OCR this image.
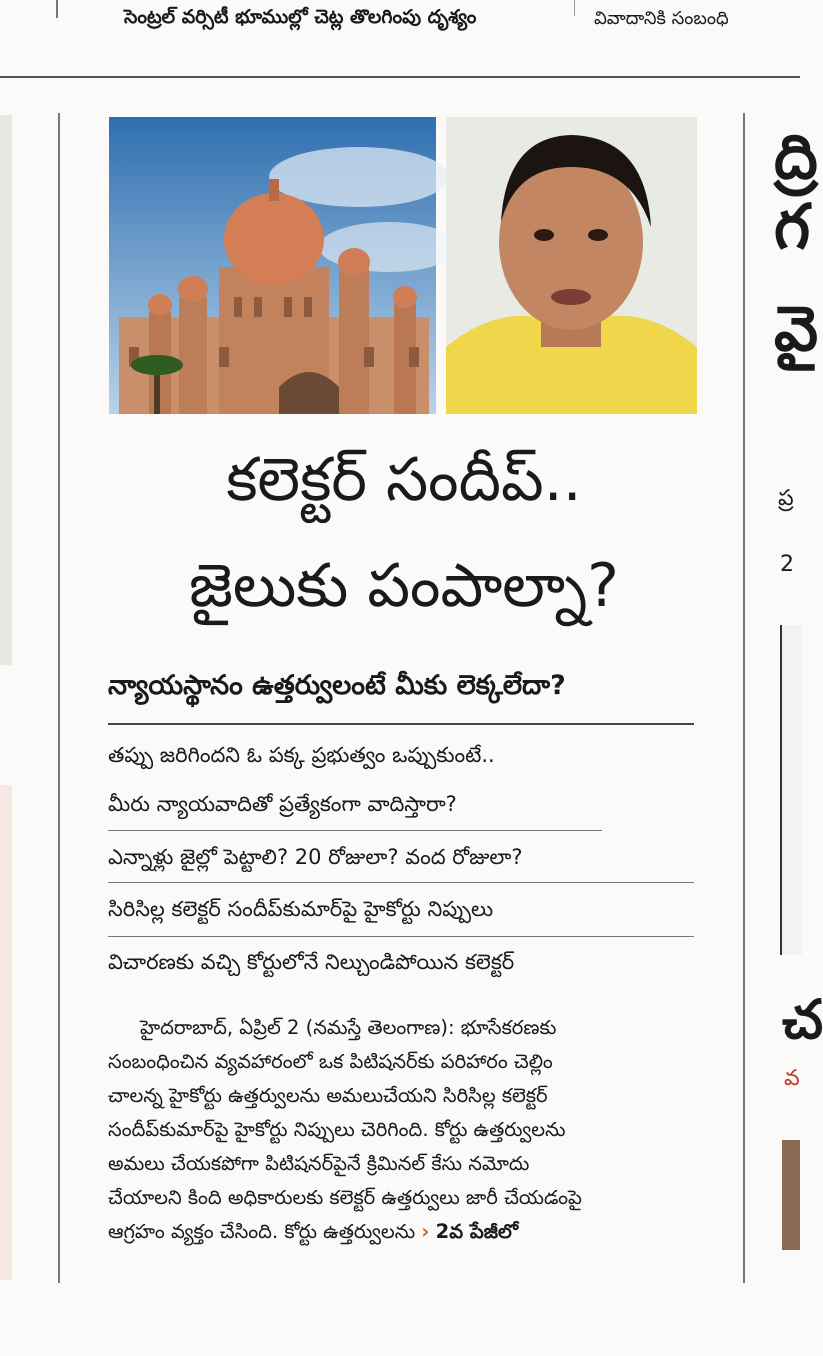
సెంట్రల్ వర్సిటీ భూముల్లో చెట్ల తొలగింపు దృశ్యం	వివాదానికి సంబంధి
కలెక్టర్ సందీప్..
జైలుకు పంపాల్నా?
న్యాయస్థానం ఉత్తర్వులంటే మీకు లెక్కలేదా?
తప్పు జరిగిందని ఓ పక్క ప్రభుత్వం ఒప్పుకుంటే..
మీరు న్యాయవాదితో ప్రత్యేకంగా వాదిస్తారా?
ఎన్నాళ్లు జైల్లో పెట్టాలి? 20 రోజులా? వంద రోజులా?
సిరిసిల్ల కలెక్టర్ సందీప్‌కుమార్‌పై హైకోర్టు నిప్పులు
విచారణకు వచ్చి కోర్టులోనే నిల్చుండిపోయిన కలెక్టర్
హైదరాబాద్, ఏప్రిల్ 2 (నమస్తే తెలంగాణ): భూసేకరణకు
సంబంధించిన వ్యవహారంలో ఒక పిటిషనర్‌కు పరిహారం చెల్లిం
చాలన్న హైకోర్టు ఉత్తర్వులను అమలుచేయని సిరిసిల్ల కలెక్టర్
సందీప్‌కుమార్‌పై హైకోర్టు నిప్పులు చెరిగింది. కోర్టు ఉత్తర్వులను
అమలు చేయకపోగా పిటిషనర్‌పైనే క్రిమినల్ కేసు నమోదు
చేయాలని కింది అధికారులకు కలెక్టర్ ఉత్తర్వులు జారీ చేయడంపై
ఆగ్రహం వ్యక్తం చేసింది. కోర్టు ఉత్తర్వులను › 2వ పేజీలో
ద్రి
గ
వై
ప్ర
2
చ
వ
